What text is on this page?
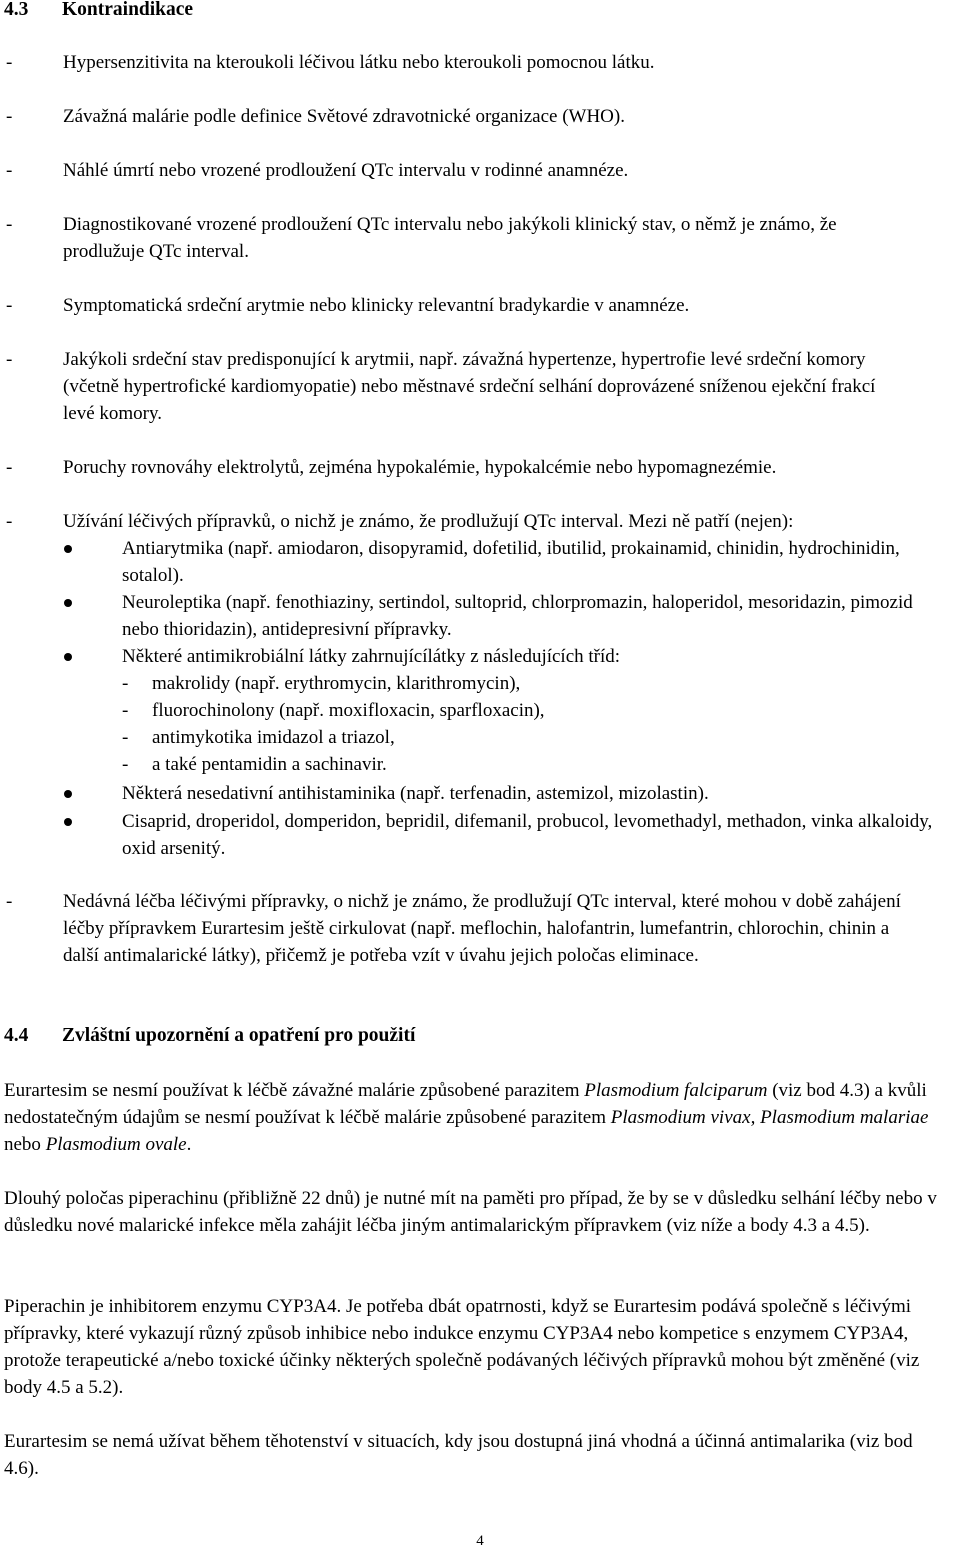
4.3 Kontraindikace
-	Hypersenzitivita na kteroukoli léčivou látku nebo kteroukoli pomocnou látku.
-	Závažná malárie podle definice Světové zdravotnické organizace (WHO).
-	Náhlé úmrtí nebo vrozené prodloužení QTc intervalu v rodinné anamnéze.
-	Diagnostikované vrozené prodloužení QTc intervalu nebo jakýkoli klinický stav, o němž je známo, že prodlužuje QTc interval.
-	Symptomatická srdeční arytmie nebo klinicky relevantní bradykardie v anamnéze.
-	Jakýkoli srdeční stav predisponující k arytmii, např. závažná hypertenze, hypertrofie levé srdeční komory (včetně hypertrofické kardiomyopatie) nebo městnavé srdeční selhání doprovázené sníženou ejekční frakcí levé komory.
-	Poruchy rovnováhy elektrolytů, zejména hypokalémie, hypokalcémie nebo hypomagnezémie.
-	Užívání léčivých přípravků, o nichž je známo, že prodlužují QTc interval. Mezi ně patří (nejen):
Antiarytmika (např. amiodaron, disopyramid, dofetilid, ibutilid, prokainamid, chinidin, hydrochinidin, sotalol).
Neuroleptika (např. fenothiaziny, sertindol, sultoprid, chlorpromazin, haloperidol, mesoridazin, pimozid nebo thioridazin), antidepresivní přípravky.
Některé antimikrobiální látky zahrnujícílátky z následujících tříd:
- makrolidy (např. erythromycin, klarithromycin),
- fluorochinolony (např. moxifloxacin, sparfloxacin),
- antimykotika imidazol a triazol,
- a také pentamidin a sachinavir.
Některá nesedativní antihistaminika (např. terfenadin, astemizol, mizolastin).
Cisaprid, droperidol, domperidon, bepridil, difemanil, probucol, levomethadyl, methadon, vinka alkaloidy, oxid arsenitý.
-	Nedávná léčba léčivými přípravky, o nichž je známo, že prodlužují QTc interval, které mohou v době zahájení léčby přípravkem Eurartesim ještě cirkulovat (např. meflochin, halofantrin, lumefantrin, chlorochin, chinin a další antimalarické látky), přičemž je potřeba vzít v úvahu jejich poločas eliminace.
4.4 Zvláštní upozornění a opatření pro použití
Eurartesim se nesmí používat k léčbě závažné malárie způsobené parazitem Plasmodium falciparum (viz bod 4.3) a kvůli nedostatečným údajům se nesmí používat k léčbě malárie způsobené parazitem Plasmodium vivax, Plasmodium malariae nebo Plasmodium ovale.
Dlouhý poločas piperachinu (přibližně 22 dnů) je nutné mít na paměti pro případ, že by se v důsledku selhání léčby nebo v důsledku nové malarické infekce měla zahájit léčba jiným antimalarickým přípravkem (viz níže a body 4.3 a 4.5).
Piperachin je inhibitorem enzymu CYP3A4. Je potřeba dbát opatrnosti, když se Eurartesim podává společně s léčivými přípravky, které vykazují různý způsob inhibice nebo indukce enzymu CYP3A4 nebo kompetice s enzymem CYP3A4, protože terapeutické a/nebo toxické účinky některých společně podávaných léčivých přípravků mohou být změněné (viz body 4.5 a 5.2).
Eurartesim se nemá užívat během těhotenství v situacích, kdy jsou dostupná jiná vhodná a účinná antimalarika (viz bod 4.6).
4
